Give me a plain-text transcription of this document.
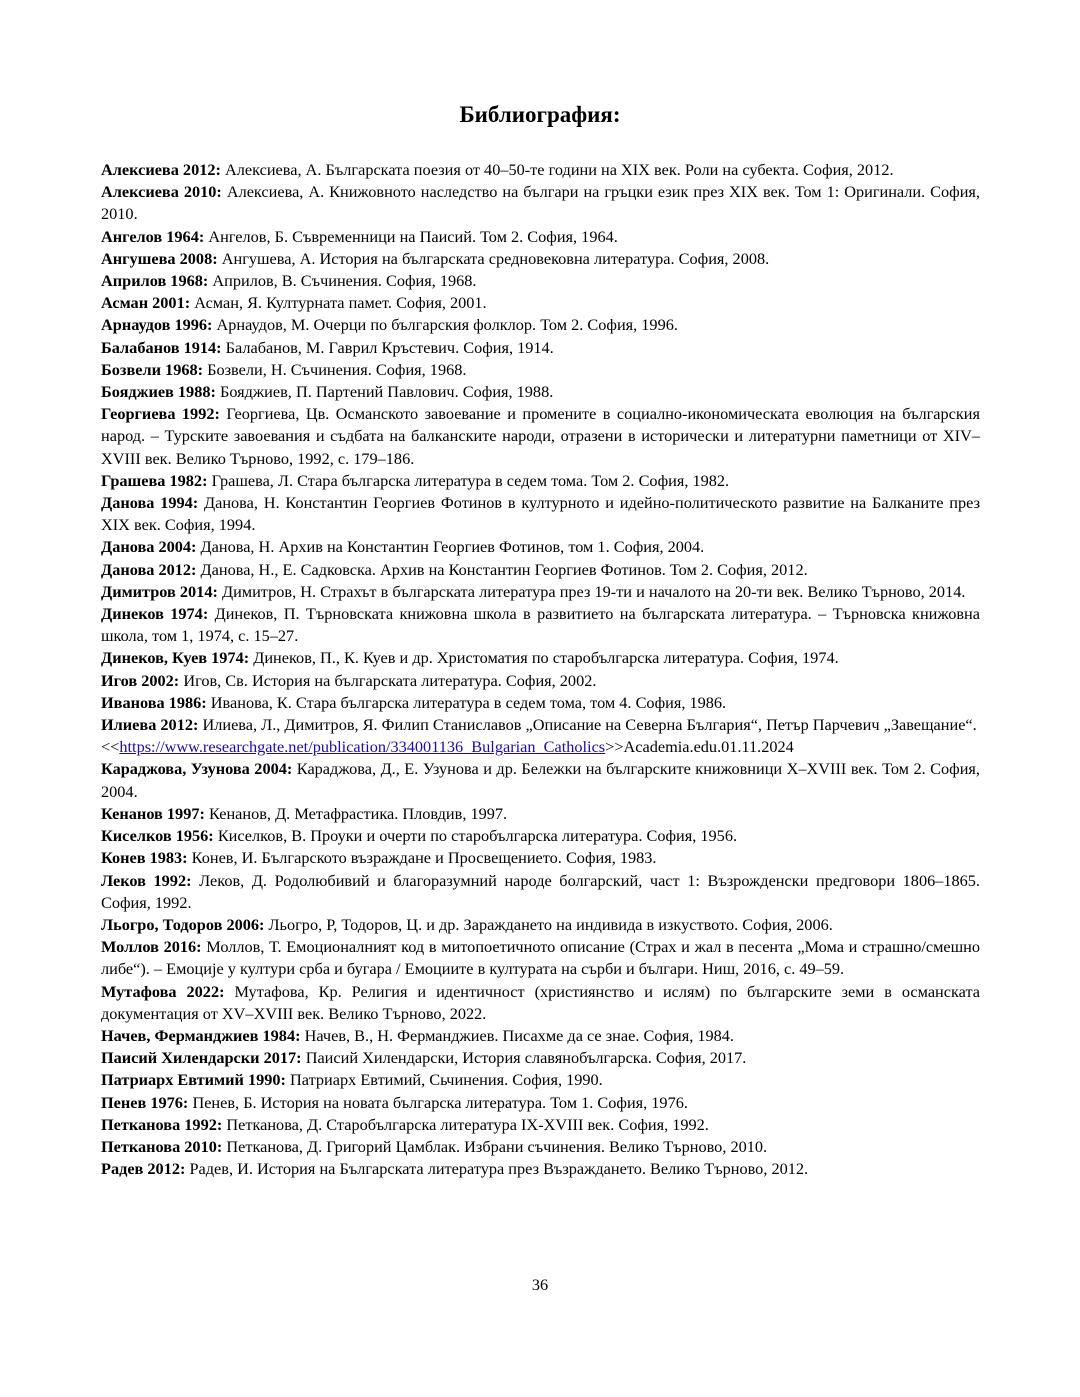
Библиография:

Алексиева 2012: Алексиева, А. Българската поезия от 40–50-те години на XIX век. Роли на субекта. София, 2012.

Алексиева 2010: Алексиева, А. Книжовното наследство на българи на гръцки език през XIX век. Том 1: Оригинали. София, 2010.

Ангелов 1964: Ангелов, Б. Съвременници на Паисий. Том 2. София, 1964.

Ангушева 2008: Ангушева, А. История на българската средновековна литература. София, 2008.

Априлов 1968: Априлов, В. Съчинения. София, 1968.

Асман 2001: Асман, Я. Културната памет. София, 2001.

Арнаудов 1996: Арнаудов, М. Очерци по българския фолклор. Том 2. София, 1996.

Балабанов 1914: Балабанов, М. Гаврил Кръстевич. София, 1914.

Бозвели 1968: Бозвели, Н. Съчинения. София, 1968.

Бояджиев 1988: Бояджиев, П. Партений Павлович. София, 1988.

Георгиева 1992: Георгиева, Цв. Османското завоевание и промените в социално-икономическата еволюция на българския народ. – Турските завоевания и съдбата на балканските народи, отразени в исторически и литературни паметници от XIV–XVIII век. Велико Търново, 1992, с. 179–186.

Грашева 1982: Грашева, Л. Стара българска литература в седем тома. Том 2. София, 1982.

Данова 1994: Данова, Н. Константин Георгиев Фотинов в културното и идейно-политическото развитие на Балканите през XIX век. София, 1994.

Данова 2004: Данова, Н. Архив на Константин Георгиев Фотинов, том 1. София, 2004.

Данова 2012: Данова, Н., Е. Садковска. Архив на Константин Георгиев Фотинов. Том 2. София, 2012.

Димитров 2014: Димитров, Н. Страхът в българската литература през 19-ти и началото на 20-ти век. Велико Търново, 2014.

Динеков 1974: Динеков, П. Търновската книжовна школа в развитието на българската литература. – Търновска книжовна школа, том 1, 1974, с. 15–27.

Динеков, Куев 1974: Динеков, П., К. Куев и др. Христоматия по старобългарска литература. София, 1974.

Игов 2002: Игов, Св. История на българската литература. София, 2002.

Иванова 1986: Иванова, К. Стара българска литература в седем тома, том 4. София, 1986.

Илиева 2012: Илиева, Л., Димитров, Я. Филип Станиславов „Описание на Северна България“, Петър Парчевич „Завещание“.

<<https://www.researchgate.net/publication/334001136_Bulgarian_Catholics>>Academia.edu.01.11.2024

Караджова, Узунова 2004: Караджова, Д., Е. Узунова и др. Бележки на българските книжовници X–XVIII век. Том 2. София, 2004.

Кенанов 1997: Кенанов, Д. Метафрастика. Пловдив, 1997.

Киселков 1956: Киселков, В. Проуки и очерти по старобългарска литература. София, 1956.

Конев 1983: Конев, И. Българското възраждане и Просвещението. София, 1983.

Леков 1992: Леков, Д. Родолюбивий и благоразумний народе болгарский, част 1: Възрожденски предговори 1806–1865. София, 1992.

Льогро, Тодоров 2006: Льогро, Р, Тодоров, Ц. и др. Зараждането на индивида в изкуството. София, 2006.

Моллов 2016: Моллов, Т. Емоционалният код в митопоетичното описание (Страх и жал в песента „Мома и страшно/смешно либе“). – Емоције у култури срба и бугара / Емоциите в културата на сърби и българи. Ниш, 2016, с. 49–59.

Мутафова 2022: Мутафова, Кр. Религия и идентичност (християнство и ислям) по българските земи в османската документация от XV–XVIII век. Велико Търново, 2022.

Начев, Ферманджиев 1984: Начев, В., Н. Ферманджиев. Писахме да се знае. София, 1984.

Паисий Хилендарски 2017: Паисий Хилендарски, История славянобългарска. София, 2017.

Патриарх Евтимий 1990: Патриарх Евтимий, Сьчинения. София, 1990.

Пенев 1976: Пенев, Б. История на новата българска литература. Том 1. София, 1976.

Петканова 1992: Петканова, Д. Старобългарска литература IX-XVIII век. София, 1992.

Петканова 2010: Петканова, Д. Григорий Цамблак. Избрани съчинения. Велико Търново, 2010.

Радев 2012: Радев, И. История на Българската литература през Възраждането. Велико Търново, 2012.

36
